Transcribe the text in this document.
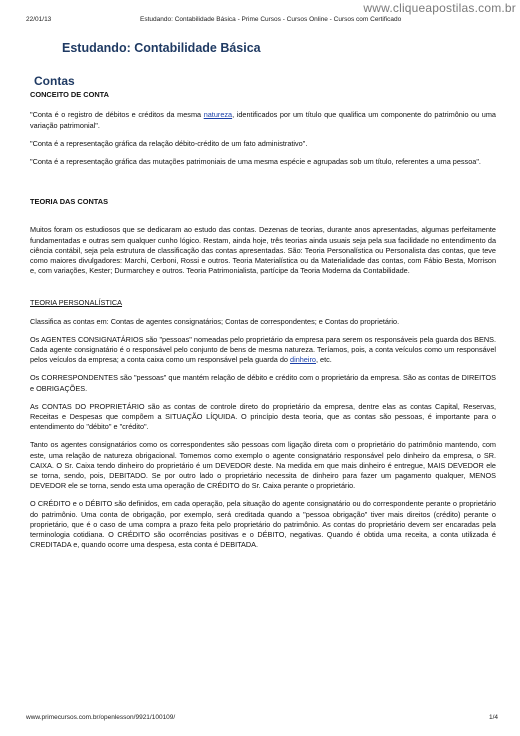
www.cliqueapostilas.com.br
22/01/13	Estudando: Contabilidade Básica - Prime Cursos - Cursos Online - Cursos com Certificado
Estudando: Contabilidade Básica
Contas
CONCEITO DE CONTA

"Conta é o registro de débitos e créditos da mesma natureza, identificados por um título que qualifica um componente do patrimônio ou uma variação patrimonial".

"Conta é a representação gráfica da relação débito-crédito de um fato administrativo".

"Conta é a representação gráfica das mutações patrimoniais de uma mesma espécie e agrupadas sob um título, referentes a uma pessoa".

TEORIA DAS CONTAS

Muitos foram os estudiosos que se dedicaram ao estudo das contas. Dezenas de teorias, durante anos apresentadas, algumas perfeitamente fundamentadas e outras sem qualquer cunho lógico. Restam, ainda hoje, três teorias ainda usuais seja pela sua facilidade no entendimento da ciência contábil, seja pela estrutura de classificação das contas apresentadas. São: Teoria Personalística ou Personalista das contas, que teve como maiores divulgadores: Marchi, Cerboni, Rossi e outros. Teoria Materialística ou da Materialidade das contas, com Fábio Besta, Morrison e, com variações, Kester; Durmarchey e outros. Teoria Patrimonialista, partícipe da Teoria Moderna da Contabilidade.

TEORIA PERSONALÍSTICA

Classifica as contas em: Contas de agentes consignatários; Contas de correspondentes; e Contas do proprietário.

Os AGENTES CONSIGNATÁRIOS são "pessoas" nomeadas pelo proprietário da empresa para serem os responsáveis pela guarda dos BENS. Cada agente consignatário é o responsável pelo conjunto de bens de mesma natureza. Teríamos, pois, a conta veículos como um responsável pelos veículos da empresa; a conta caixa como um responsável pela guarda do dinheiro, etc.

Os CORRESPONDENTES são "pessoas" que mantém relação de débito e crédito com o proprietário da empresa. São as contas de DIREITOS e OBRIGAÇÕES.

As CONTAS DO PROPRIETÁRIO são as contas de controle direto do proprietário da empresa, dentre elas as contas Capital, Reservas, Receitas e Despesas que compõem a SITUAÇÃO LÍQUIDA. O princípio desta teoria, que as contas são pessoas, é importante para o entendimento do "débito" e "crédito".

Tanto os agentes consignatários como os correspondentes são pessoas com ligação direta com o proprietário do patrimônio mantendo, com este, uma relação de natureza obrigacional. Tomemos como exemplo o agente consignatário responsável pelo dinheiro da empresa, o SR. CAIXA. O Sr. Caixa tendo dinheiro do proprietário é um DEVEDOR deste. Na medida em que mais dinheiro é entregue, MAIS DEVEDOR ele se torna, sendo, pois, DEBITADO. Se por outro lado o proprietário necessita de dinheiro para fazer um pagamento qualquer, MENOS DEVEDOR ele se torna, sendo esta uma operação de CRÉDITO do Sr. Caixa perante o proprietário.

O CRÉDITO e o DÉBITO são definidos, em cada operação, pela situação do agente consignatário ou do correspondente perante o proprietário do patrimônio. Uma conta de obrigação, por exemplo, será creditada quando a "pessoa obrigação" tiver mais direitos (crédito) perante o proprietário, que é o caso de uma compra a prazo feita pelo proprietário do patrimônio. As contas do proprietário devem ser encaradas pela terminologia cotidiana. O CRÉDITO são ocorrências positivas e o DÉBITO, negativas. Quando é obtida uma receita, a conta utilizada é CREDITADA e, quando ocorre uma despesa, esta conta é DEBITADA.

www.primecursos.com.br/openlesson/9921/100109/	1/4
